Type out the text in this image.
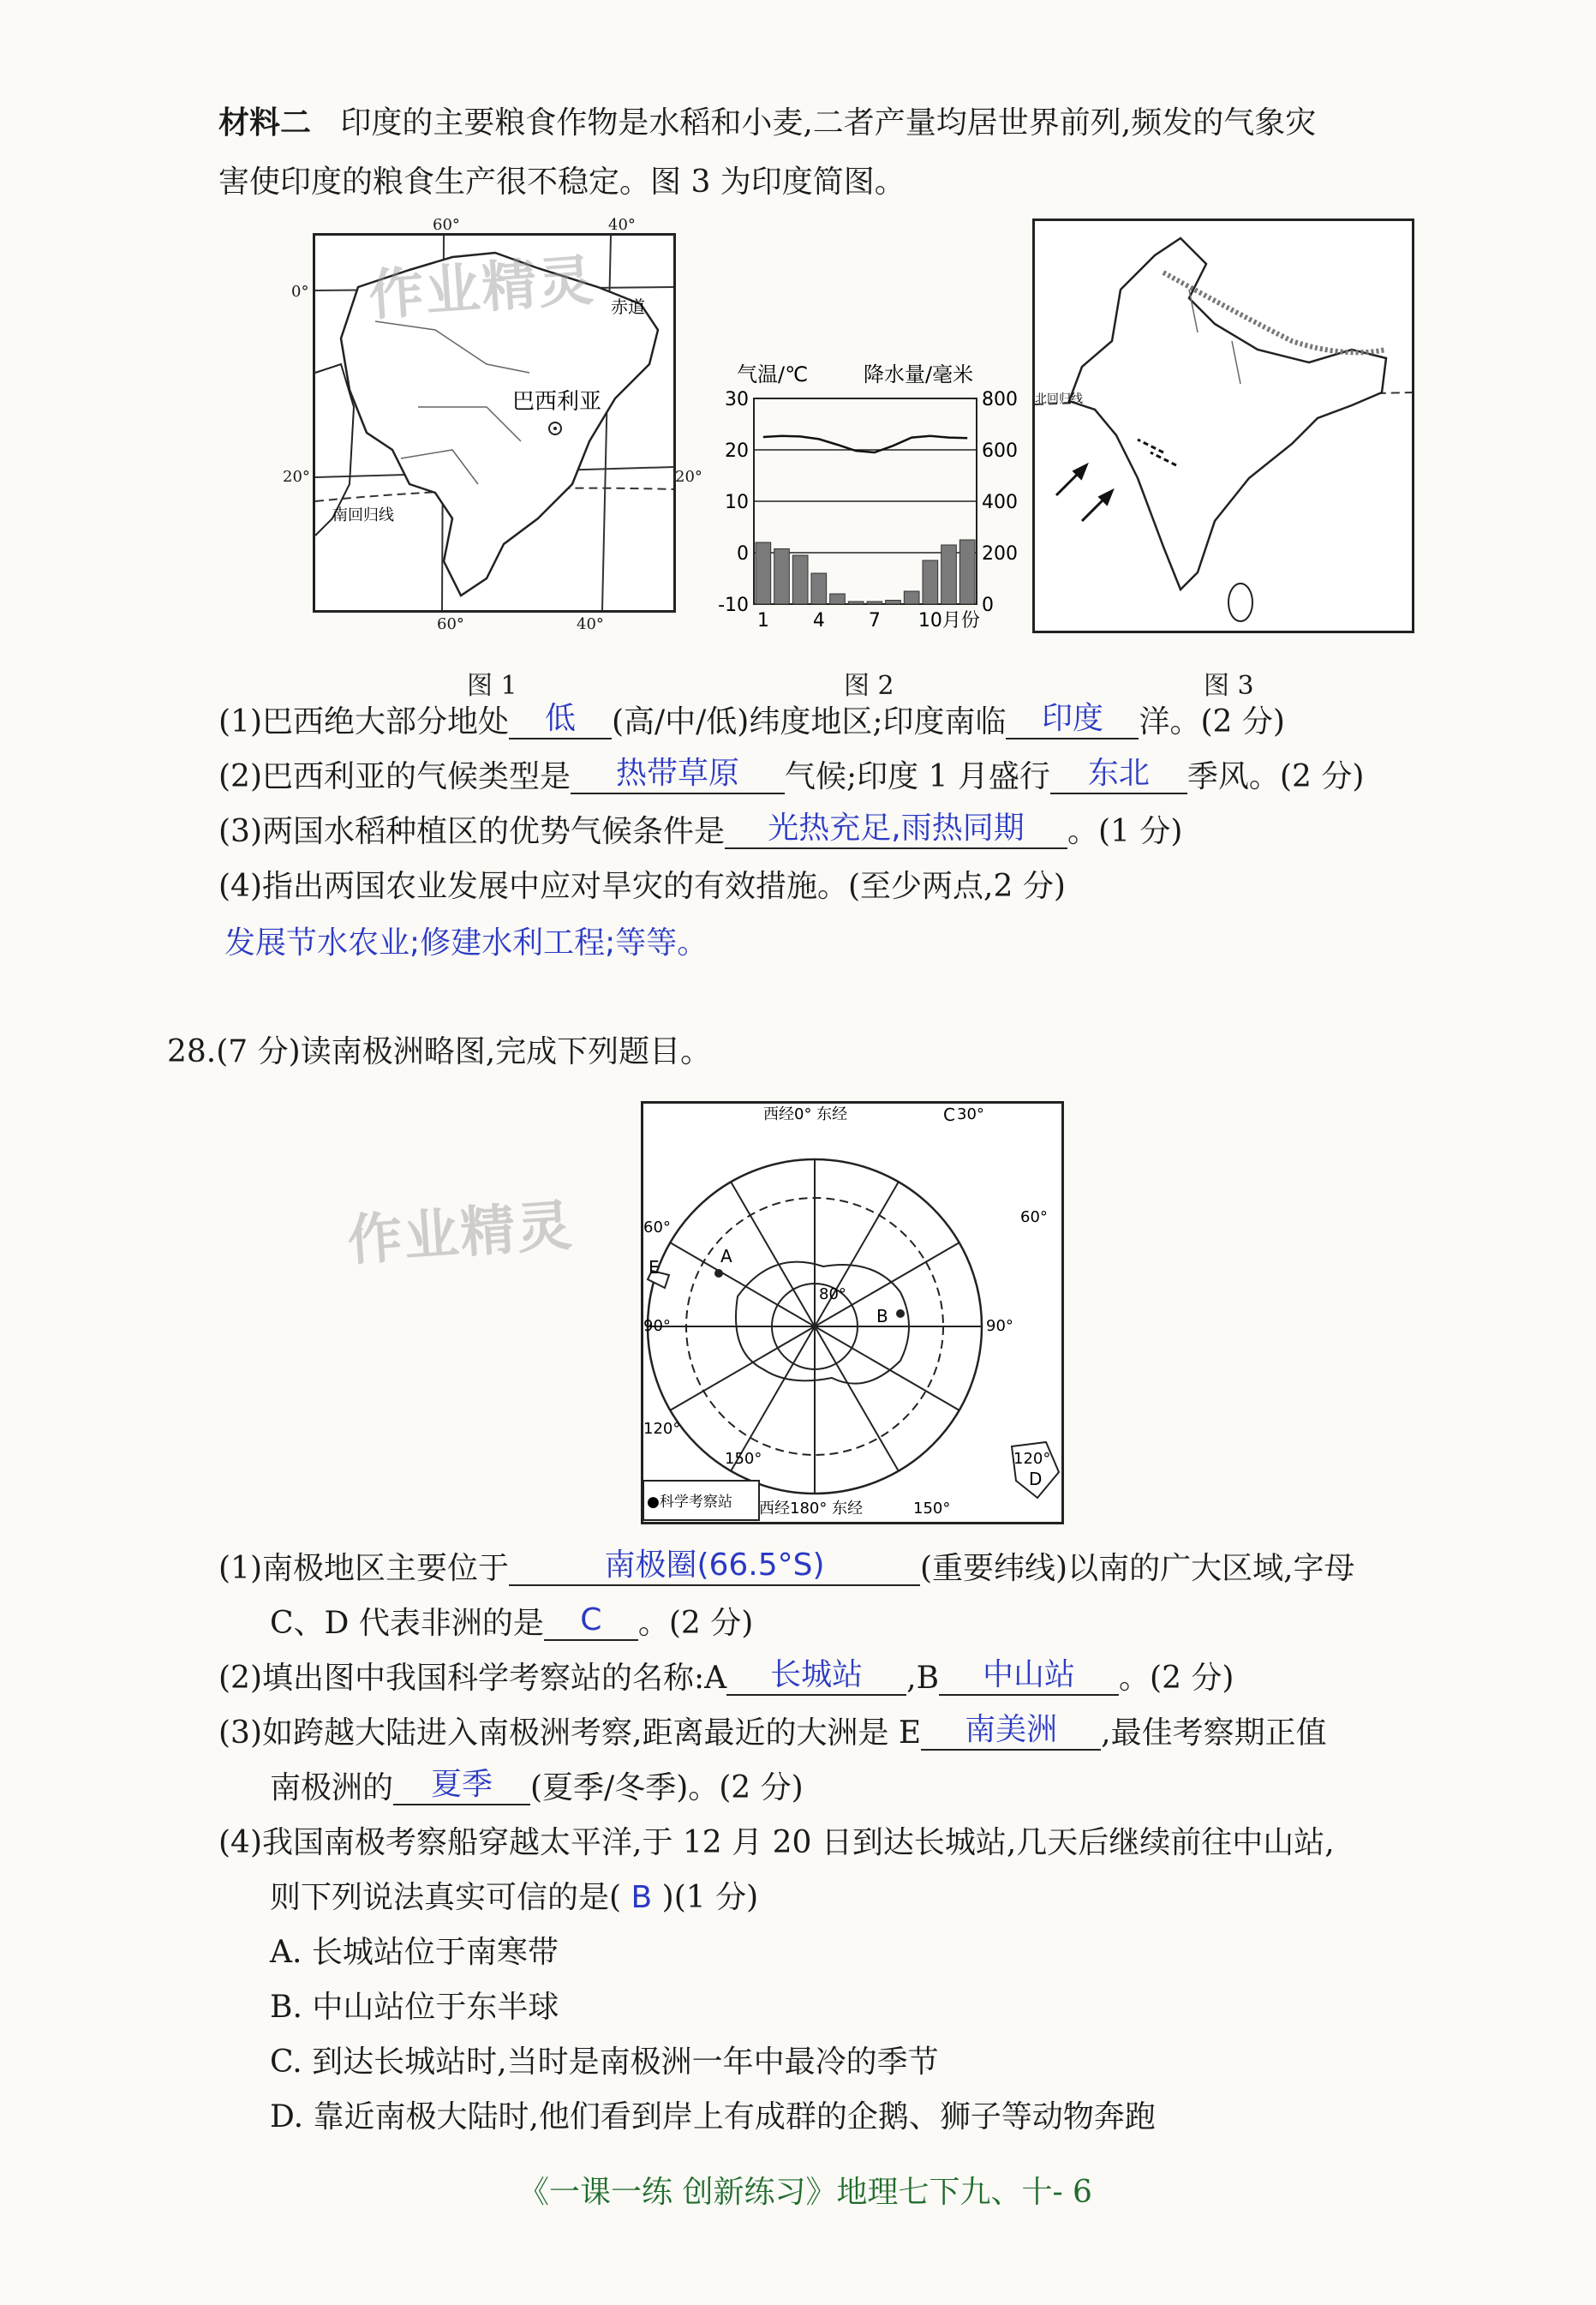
材料二 印度的主要粮食作物是水稻和小麦,二者产量均居世界前列,频发的气象灾
害使印度的粮食生产很不稳定。图 3 为印度简图。
巴西利亚
赤道
南回归线
60°	40°
60°	40°
0°
20°	20°
作业精灵
图 1
气温/℃	降水量/毫米
30
20
10
0
-10
800
600
400
200
0
1 4 7 10 月份
图 2
北回归线
图 3
(1)巴西绝大部分地处 低 (高/中/低)纬度地区;印度南临 印度 洋。(2 分)
(2)巴西利亚的气候类型是 热带草原 气候;印度 1 月盛行 东北 季风。(2 分)
(3)两国水稻种植区的优势气候条件是 光热充足,雨热同期 。(1 分)
(4)指出两国农业发展中应对旱灾的有效措施。(至少两点,2 分)
发展节水农业;修建水利工程;等等。
28.(7 分)读南极洲略图,完成下列题目。
A
B
E
C
D
西经0° 东经	30°
60°
60°
90°	90°
120°
120°
150°
150°
80°
西经180° 东经
●科学考察站
作业精灵
(1)南极地区主要位于	南极圈(66.5°S)	(重要纬线)以南的广大区域,字母
C、D 代表非洲的是 C 。(2 分)
(2)填出图中我国科学考察站的名称:A 长城站 ,B 中山站 。(2 分)
(3)如跨越大陆进入南极洲考察,距离最近的大洲是 E 南美洲 ,最佳考察期正值
南极洲的 夏季 (夏季/冬季)。(2 分)
(4)我国南极考察船穿越太平洋,于 12 月 20 日到达长城站,几天后继续前往中山站,
则下列说法真实可信的是( B )(1 分)
A. 长城站位于南寒带
B. 中山站位于东半球
C. 到达长城站时,当时是南极洲一年中最冷的季节
D. 靠近南极大陆时,他们看到岸上有成群的企鹅、狮子等动物奔跑
《一课一练 创新练习》地理七下九、十- 6
